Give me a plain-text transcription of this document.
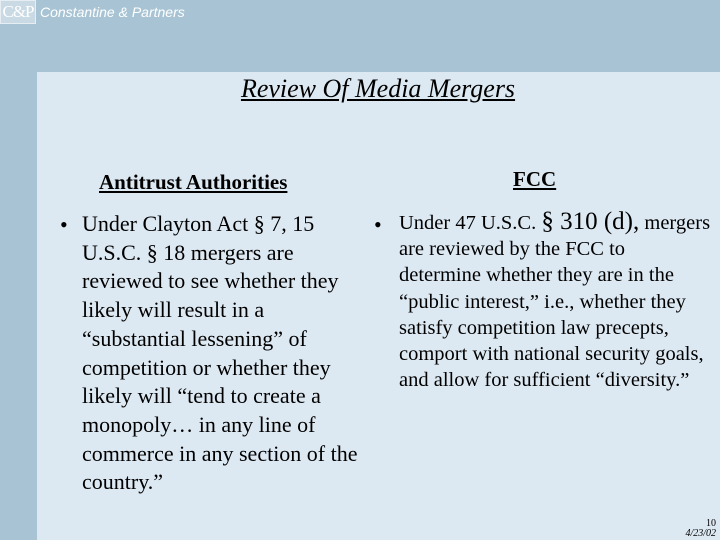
C&P Constantine & Partners
Review Of Media Mergers
Antitrust Authorities	FCC
• Under Clayton Act § 7, 15 U.S.C. § 18 mergers are reviewed to see whether they likely will result in a “substantial lessening” of competition or whether they likely will “tend to create a monopoly… in any line of commerce in any section of the country.”
• Under 47 U.S.C. § 310 (d), mergers are reviewed by the FCC to determine whether they are in the “public interest,” i.e., whether they satisfy competition law precepts, comport with national security goals, and allow for sufficient “diversity.”
10
4/23/02
